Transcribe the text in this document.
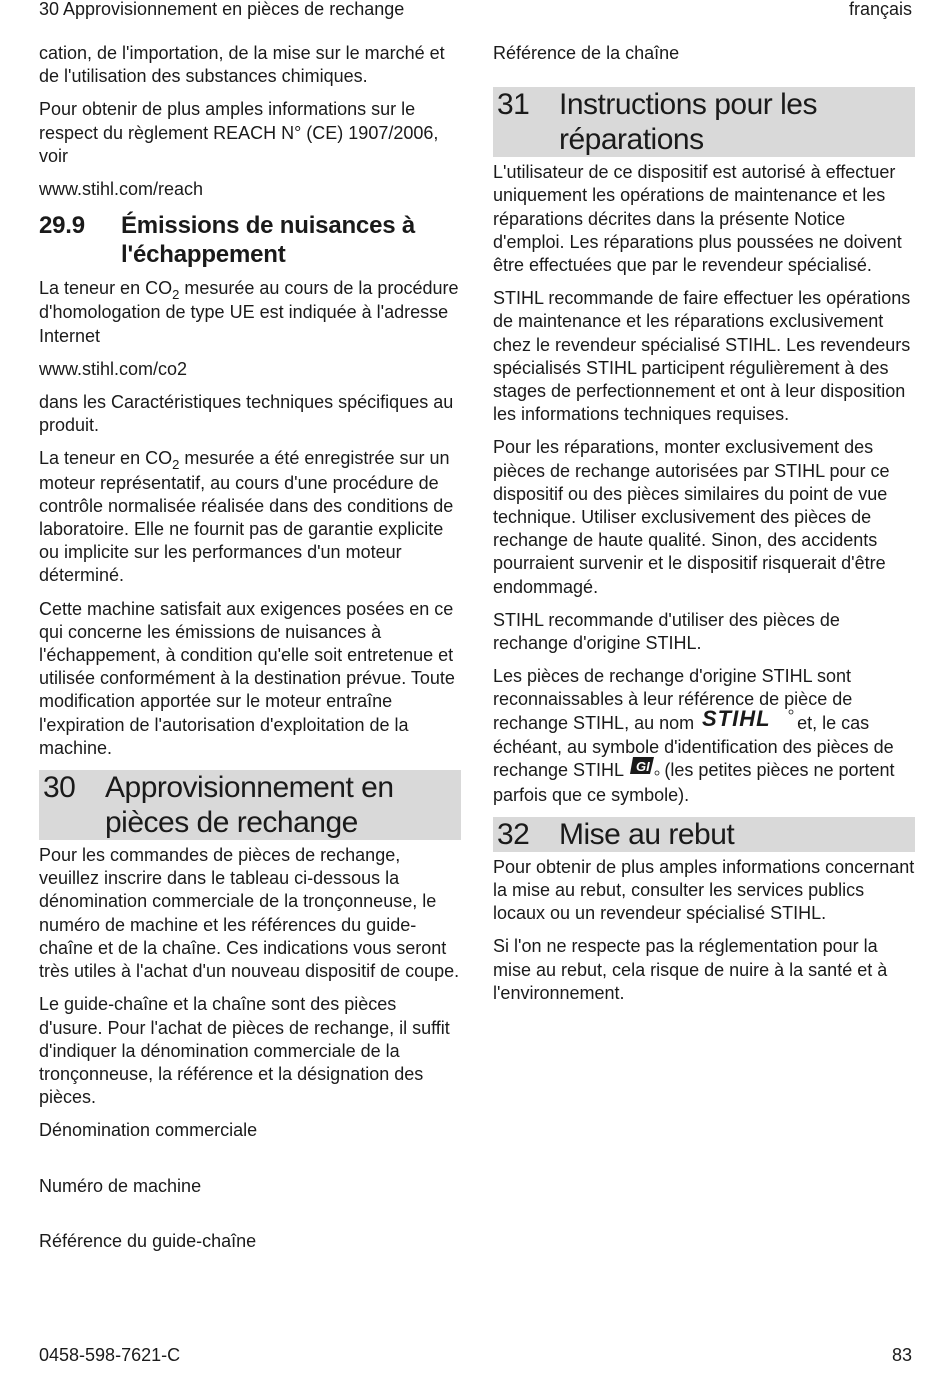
30 Approvisionnement en pièces de rechange	français

cation, de l'importation, de la mise sur le marché et de l'utilisation des substances chimiques.

Pour obtenir de plus amples informations sur le respect du règlement REACH N° (CE) 1907/2006, voir

www.stihl.com/reach

29.9	Émissions de nuisances à l'échappement

La teneur en $CO_2$ mesurée au cours de la procédure d'homologation de type UE est indiquée à l'adresse Internet

www.stihl.com/co2

dans les Caractéristiques techniques spécifiques au produit.

La teneur en $CO_2$ mesurée a été enregistrée sur un moteur représentatif, au cours d'une procédure de contrôle normalisée réalisée dans des conditions de laboratoire. Elle ne fournit pas de garantie explicite ou implicite sur les performances d'un moteur déterminé.

Cette machine satisfait aux exigences posées en ce qui concerne les émissions de nuisances à l'échappement, à condition qu'elle soit entretenue et utilisée conformément à la destination prévue. Toute modification apportée sur le moteur entraîne l'expiration de l'autorisation d'exploitation de la machine.

30 Approvisionnement en pièces de rechange

Pour les commandes de pièces de rechange, veuillez inscrire dans le tableau ci-dessous la dénomination commerciale de la tronçonneuse, le numéro de machine et les références du guide-chaîne et de la chaîne. Ces indications vous seront très utiles à l'achat d'un nouveau dispositif de coupe.

Le guide-chaîne et la chaîne sont des pièces d'usure. Pour l'achat de pièces de rechange, il suffit d'indiquer la dénomination commerciale de la tronçonneuse, la référence et la désignation des pièces.

Dénomination commerciale

Numéro de machine

Référence du guide-chaîne

Référence de la chaîne

31 Instructions pour les réparations

L'utilisateur de ce dispositif est autorisé à effectuer uniquement les opérations de maintenance et les réparations décrites dans la présente Notice d'emploi. Les réparations plus poussées ne doivent être effectuées que par le revendeur spécialisé.

STIHL recommande de faire effectuer les opérations de maintenance et les réparations exclusivement chez le revendeur spécialisé STIHL. Les revendeurs spécialisés STIHL participent régulièrement à des stages de perfectionnement et ont à leur disposition les informations techniques requises.

Pour les réparations, monter exclusivement des pièces de rechange autorisées par STIHL pour ce dispositif ou des pièces similaires du point de vue technique. Utiliser exclusivement des pièces de rechange de haute qualité. Sinon, des accidents pourraient survenir et le dispositif risquerait d'être endommagé.

STIHL recommande d'utiliser des pièces de rechange d'origine STIHL.

Les pièces de rechange d'origine STIHL sont reconnaissables à leur référence de pièce de rechange STIHL, au nom STIHL et, le cas échéant, au symbole d'identification des pièces de rechange STIHL GI (les petites pièces ne portent parfois que ce symbole).

32 Mise au rebut

Pour obtenir de plus amples informations concernant la mise au rebut, consulter les services publics locaux ou un revendeur spécialisé STIHL.

Si l'on ne respecte pas la réglementation pour la mise au rebut, cela risque de nuire à la santé et à l'environnement.

0458-598-7621-C	83
